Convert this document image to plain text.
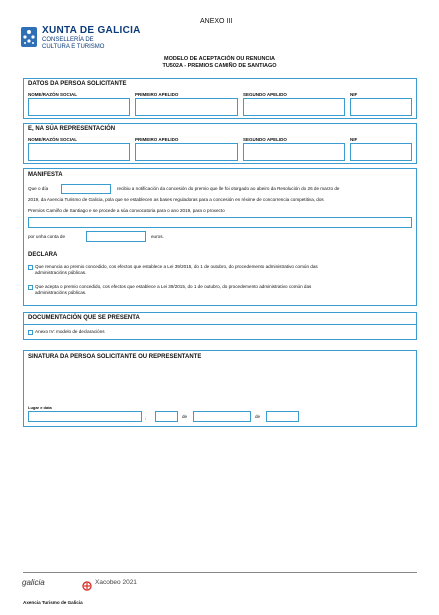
XUNTA DE GALICIA
CONSELLERÍA DE
CULTURA E TURISMO
ANEXO III
MODELO DE ACEPTACIÓN OU RENUNCIA
TU502A - PREMIOS CAMIÑO DE SANTIAGO
DATOS DA PERSOA SOLICITANTE
NOME/RAZÓN SOCIAL	PRIMEIRO APELIDO	SEGUNDO APELIDO	NIF
E, NA SÚA REPRESENTACIÓN
NOME/RAZÓN SOCIAL	PRIMEIRO APELIDO	SEGUNDO APELIDO	NIF
MANIFESTA
Que o día	recibiu a notificación da concesión do premio que lle foi otorgado ao abeiro da Resolución do 26 de marzo de
2019, da Axencia Turismo de Galicia, pola que se establecen as bases reguladoras para a concesión en réxime de concorrencia competitiva, dos
Premios Camiño de Santiago e se procede a súa convocatoria para o ano 2019, para o proxecto
por unha conta de	euros.
DECLARA
Que renuncia ao premio concedido, cos efectos que establece a Lei 39/2015, do 1 de outubro, do procedemento administrativo común das
administracións públicas.
Que acepta o premio concedido, cos efectos que establece a Lei 39/2015, do 1 de outubro, do procedemento administrativo común das
administracións públicas.
DOCUMENTACIÓN QUE SE PRESENTA
Anexo IV: modelo de declaracións
SINATURA DA PERSOA SOLICITANTE OU REPRESENTANTE
Lugar e data
,	de	de
galicia	Xacobeo 2021
Axencia Turismo de Galicia
